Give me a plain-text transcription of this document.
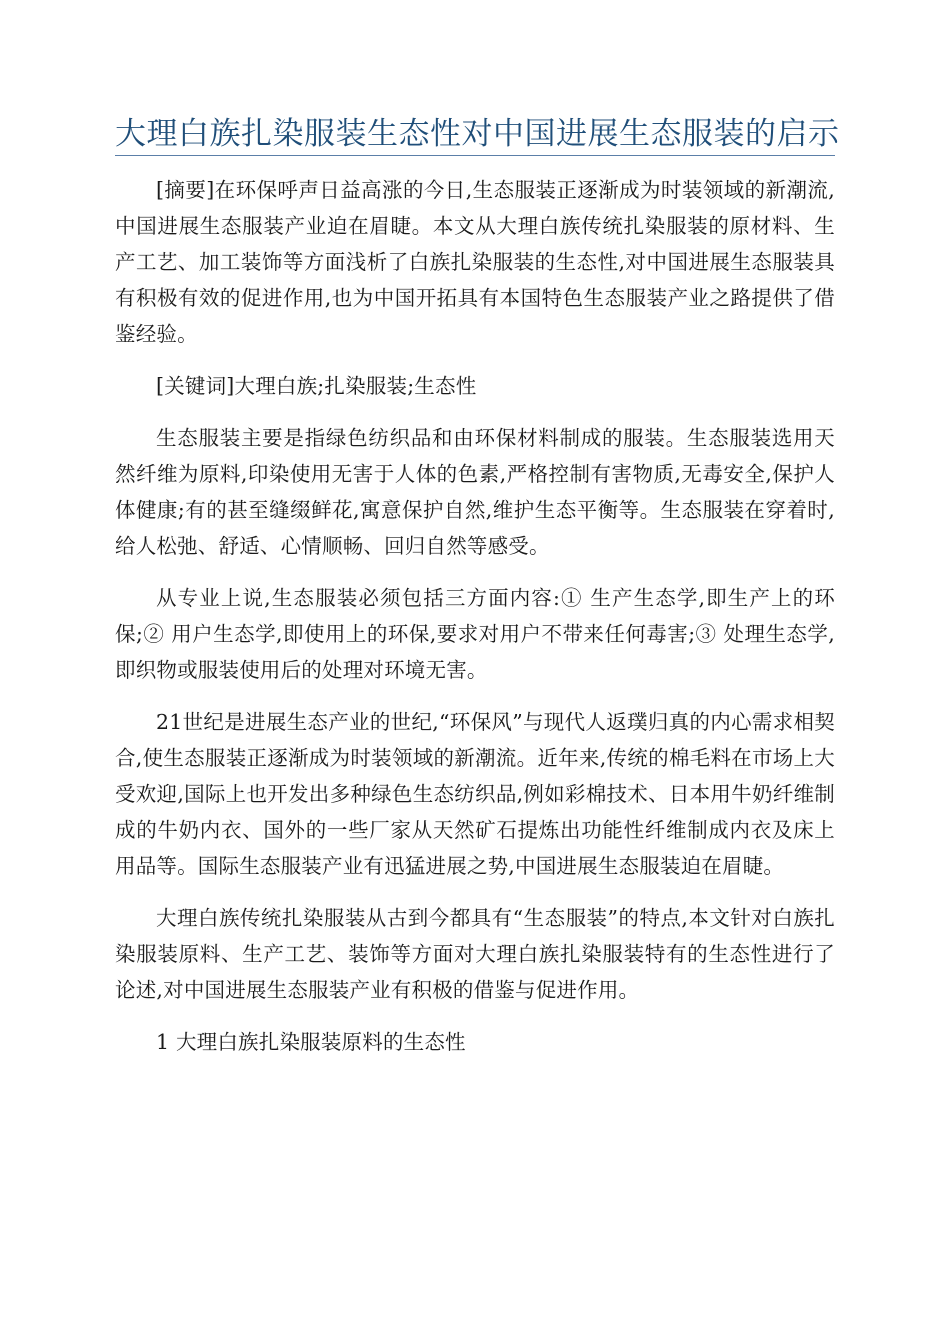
大理白族扎染服装生态性对中国进展生态服装的启示

[摘要]在环保呼声日益高涨的今日,生态服装正逐渐成为时装领域的新潮流,中国进展生态服装产业迫在眉睫。本文从大理白族传统扎染服装的原材料、生产工艺、加工装饰等方面浅析了白族扎染服装的生态性,对中国进展生态服装具有积极有效的促进作用,也为中国开拓具有本国特色生态服装产业之路提供了借鉴经验。

[关键词]大理白族;扎染服装;生态性

生态服装主要是指绿色纺织品和由环保材料制成的服装。生态服装选用天然纤维为原料,印染使用无害于人体的色素,严格控制有害物质,无毒安全,保护人体健康;有的甚至缝缀鲜花,寓意保护自然,维护生态平衡等。生态服装在穿着时,给人松弛、舒适、心情顺畅、回归自然等感受。

从专业上说,生态服装必须包括三方面内容:① 生产生态学,即生产上的环保;② 用户生态学,即使用上的环保,要求对用户不带来任何毒害;③ 处理生态学,即织物或服装使用后的处理对环境无害。

21世纪是进展生态产业的世纪,“环保风”与现代人返璞归真的内心需求相契合,使生态服装正逐渐成为时装领域的新潮流。近年来,传统的棉毛料在市场上大受欢迎,国际上也开发出多种绿色生态纺织品,例如彩棉技术、日本用牛奶纤维制成的牛奶内衣、国外的一些厂家从天然矿石提炼出功能性纤维制成内衣及床上用品等。国际生态服装产业有迅猛进展之势,中国进展生态服装迫在眉睫。

大理白族传统扎染服装从古到今都具有“生态服装”的特点,本文针对白族扎染服装原料、生产工艺、装饰等方面对大理白族扎染服装特有的生态性进行了论述,对中国进展生态服装产业有积极的借鉴与促进作用。

1 大理白族扎染服装原料的生态性
